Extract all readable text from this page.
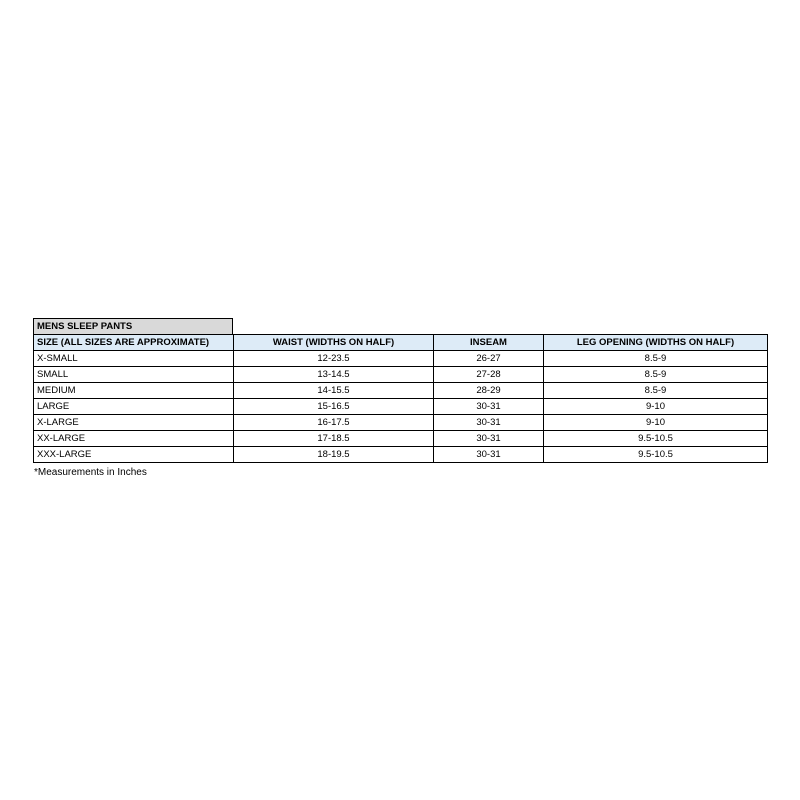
MENS SLEEP PANTS
SIZE (ALL SIZES ARE APPROXIMATE)	WAIST (WIDTHS ON HALF)	INSEAM	LEG OPENING (WIDTHS ON HALF)
X-SMALL	12-23.5	26-27	8.5-9
SMALL	13-14.5	27-28	8.5-9
MEDIUM	14-15.5	28-29	8.5-9
LARGE	15-16.5	30-31	9-10
X-LARGE	16-17.5	30-31	9-10
XX-LARGE	17-18.5	30-31	9.5-10.5
XXX-LARGE	18-19.5	30-31	9.5-10.5
*Measurements in Inches
